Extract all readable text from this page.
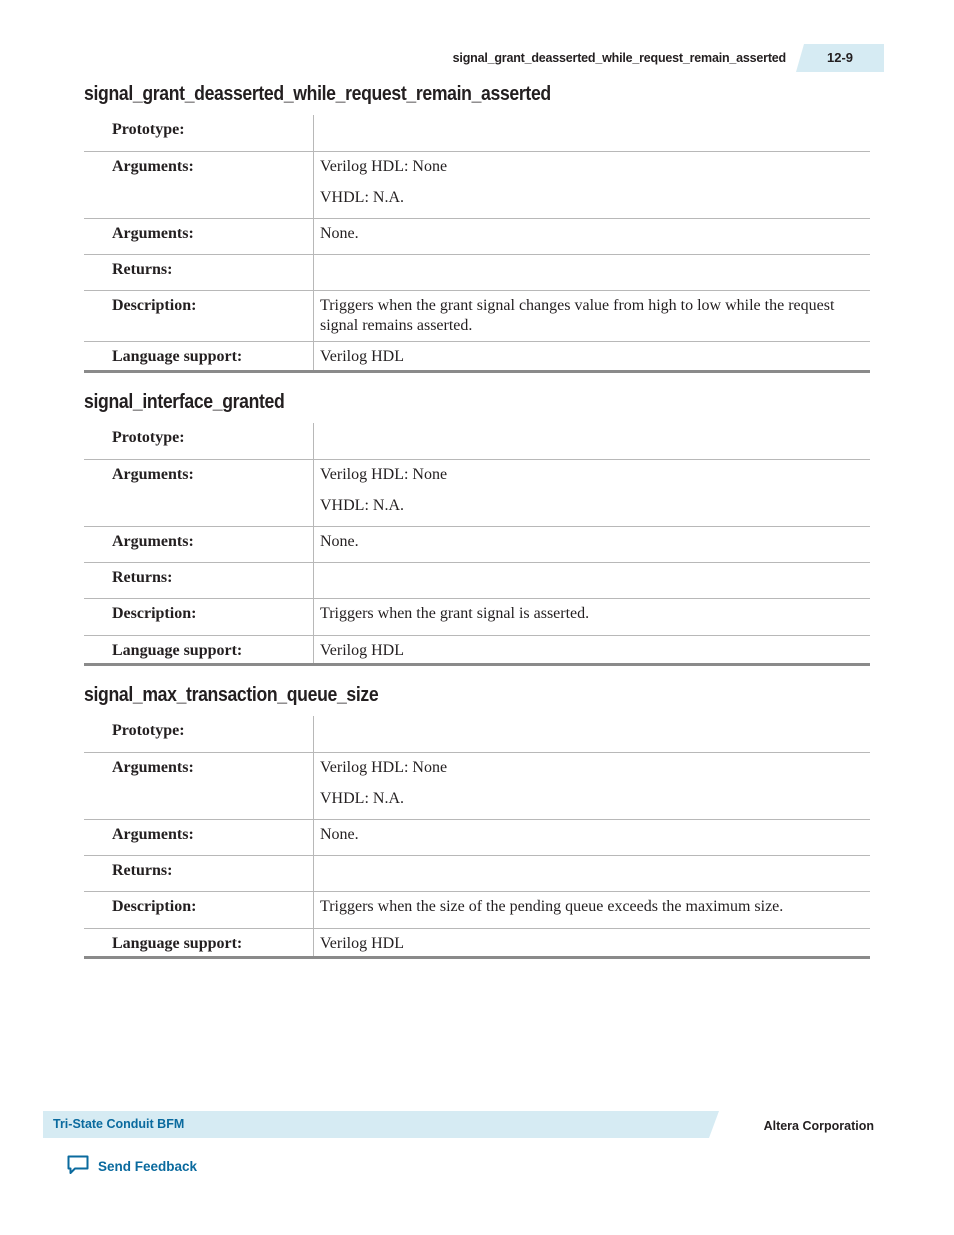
signal_grant_deasserted_while_request_remain_asserted	12-9
signal_grant_deasserted_while_request_remain_asserted
Prototype:	

Arguments:	Verilog HDL: None
VHDL: N.A.

Arguments:	None.

Returns:	

Description:	Triggers when the grant signal changes value from high to low while the request signal remains asserted.

Language support:	Verilog HDL
signal_interface_granted
Prototype:	

Arguments:	Verilog HDL: None
VHDL: N.A.

Arguments:	None.

Returns:	

Description:	Triggers when the grant signal is asserted.

Language support:	Verilog HDL
signal_max_transaction_queue_size
Prototype:	

Arguments:	Verilog HDL: None
VHDL: N.A.

Arguments:	None.

Returns:	

Description:	Triggers when the size of the pending queue exceeds the maximum size.

Language support:	Verilog HDL
Tri-State Conduit BFM	Altera Corporation
Send Feedback
